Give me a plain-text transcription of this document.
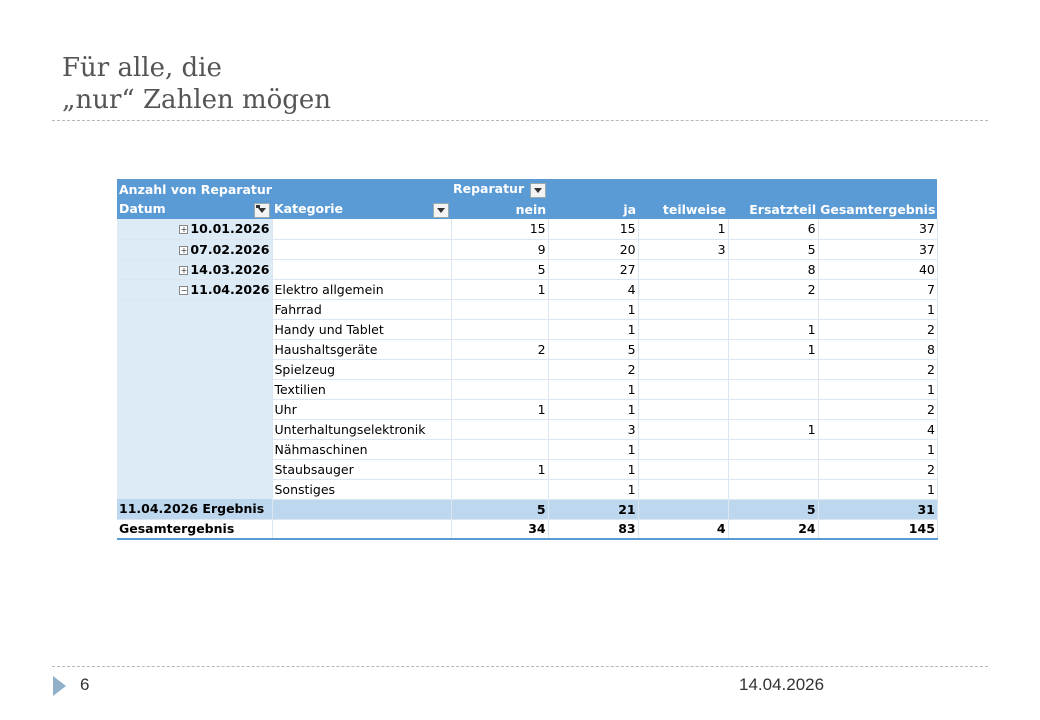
Für alle, die
„nur“ Zahlen mögen
Anzahl von Reparatur		Reparatur				
Datum	Kategorie	nein	ja	teilweise	Ersatzteil	Gesamtergebnis
+ 10.01.2026		15	15	1	6	37
+ 07.02.2026		9	20	3	5	37
+ 14.03.2026		5	27		8	40
− 11.04.2026	Elektro allgemein	1	4		2	7
	Fahrrad		1			1
	Handy und Tablet		1		1	2
	Haushaltsgeräte	2	5		1	8
	Spielzeug		2			2
	Textilien		1			1
	Uhr	1	1			2
	Unterhaltungselektronik		3		1	4
	Nähmaschinen		1			1
	Staubsauger	1	1			2
	Sonstiges		1			1
11.04.2026 Ergebnis		5	21		5	31
Gesamtergebnis		34	83	4	24	145
6	14.04.2026
